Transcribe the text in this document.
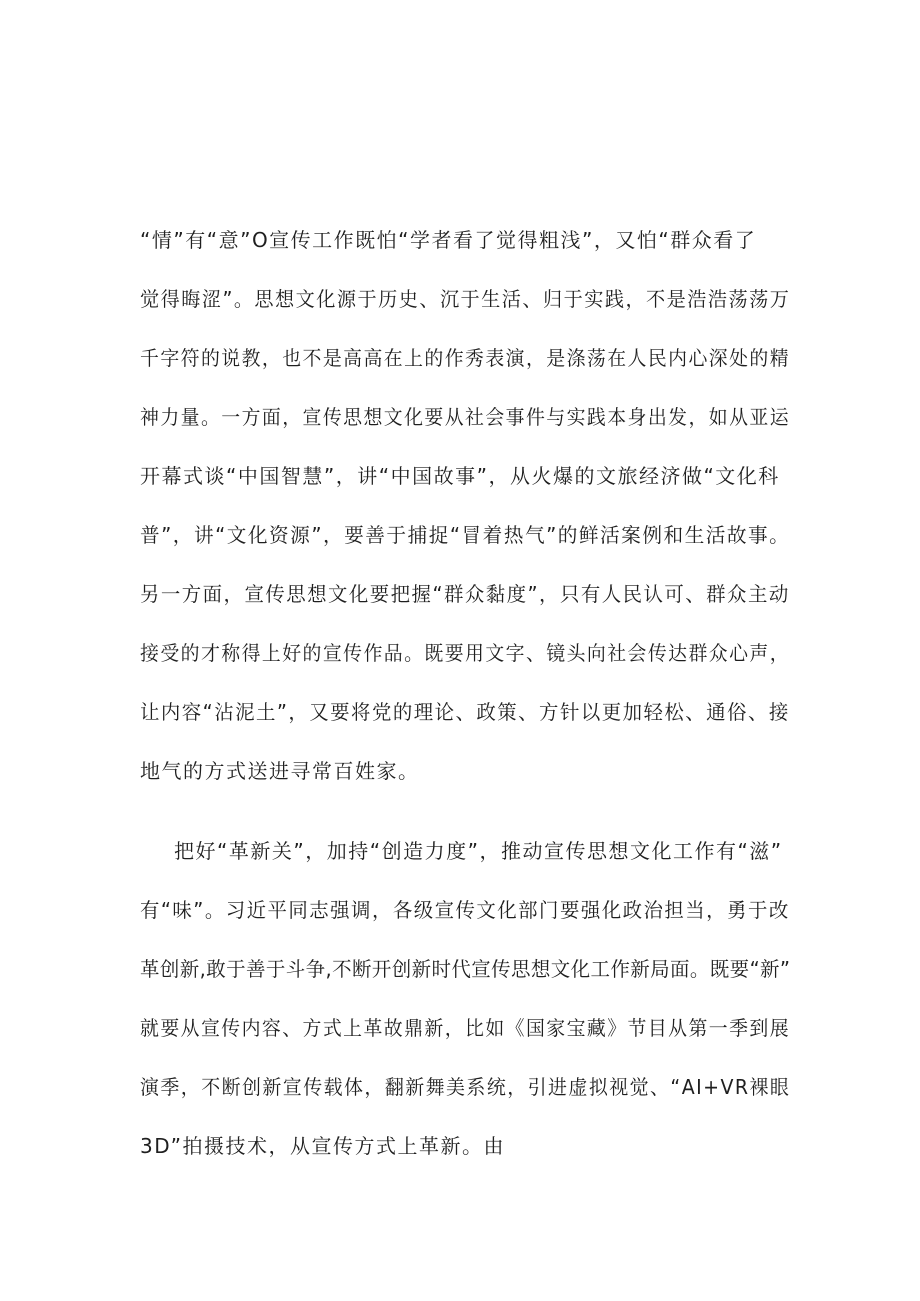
“情”有“意”O宣传工作既怕“学者看了觉得粗浅”，又怕“群众看了
觉得晦涩”。思想文化源于历史、沉于生活、归于实践，不是浩浩荡荡万
千字符的说教，也不是高高在上的作秀表演，是涤荡在人民内心深处的精
神力量。一方面，宣传思想文化要从社会事件与实践本身出发，如从亚运
开幕式谈“中国智慧”，讲“中国故事”，从火爆的文旅经济做“文化科
普”，讲“文化资源”，要善于捕捉“冒着热气”的鲜活案例和生活故事。
另一方面，宣传思想文化要把握“群众黏度”，只有人民认可、群众主动
接受的才称得上好的宣传作品。既要用文字、镜头向社会传达群众心声，
让内容“沾泥土”，又要将党的理论、政策、方针以更加轻松、通俗、接
地气的方式送进寻常百姓家。
把好“革新关”，加持“创造力度”，推动宣传思想文化工作有“滋”
有“味”。习近平同志强调，各级宣传文化部门要强化政治担当，勇于改
革创新,敢于善于斗争,不断开创新时代宣传思想文化工作新局面。既要“新”
就要从宣传内容、方式上革故鼎新，比如《国家宝藏》节目从第一季到展
演季，不断创新宣传载体，翻新舞美系统，引进虚拟视觉、“AI+VR裸眼
3D”拍摄技术，从宣传方式上革新。由
